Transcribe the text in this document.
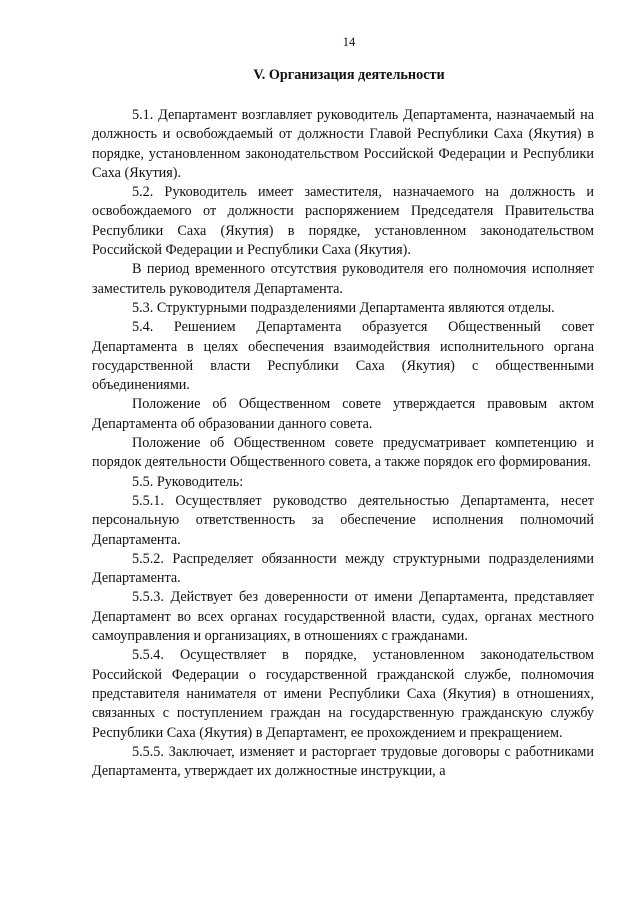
14
V. Организация деятельности

5.1. Департамент возглавляет руководитель Департамента, назначаемый на должность и освобождаемый от должности Главой Республики Саха (Якутия) в порядке, установленном законодательством Российской Федерации и Республики Саха (Якутия).

5.2. Руководитель имеет заместителя, назначаемого на должность и освобождаемого от должности распоряжением Председателя Правительства Республики Саха (Якутия) в порядке, установленном законодательством Российской Федерации и Республики Саха (Якутия).

В период временного отсутствия руководителя его полномочия исполняет заместитель руководителя Департамента.

5.3. Структурными подразделениями Департамента являются отделы.

5.4. Решением Департамента образуется Общественный совет Департамента в целях обеспечения взаимодействия исполнительного органа государственной власти Республики Саха (Якутия) с общественными объединениями.

Положение об Общественном совете утверждается правовым актом Департамента об образовании данного совета.

Положение об Общественном совете предусматривает компетенцию и порядок деятельности Общественного совета, а также порядок его формирования.

5.5. Руководитель:

5.5.1. Осуществляет руководство деятельностью Департамента, несет персональную ответственность за обеспечение исполнения полномочий Департамента.

5.5.2. Распределяет обязанности между структурными подразделениями Департамента.

5.5.3. Действует без доверенности от имени Департамента, представляет Департамент во всех органах государственной власти, судах, органах местного самоуправления и организациях, в отношениях с гражданами.

5.5.4. Осуществляет в порядке, установленном законодательством Российской Федерации о государственной гражданской службе, полномочия представителя нанимателя от имени Республики Саха (Якутия) в отношениях, связанных с поступлением граждан на государственную гражданскую службу Республики Саха (Якутия) в Департамент, ее прохождением и прекращением.

5.5.5. Заключает, изменяет и расторгает трудовые договоры с работниками Департамента, утверждает их должностные инструкции, а
